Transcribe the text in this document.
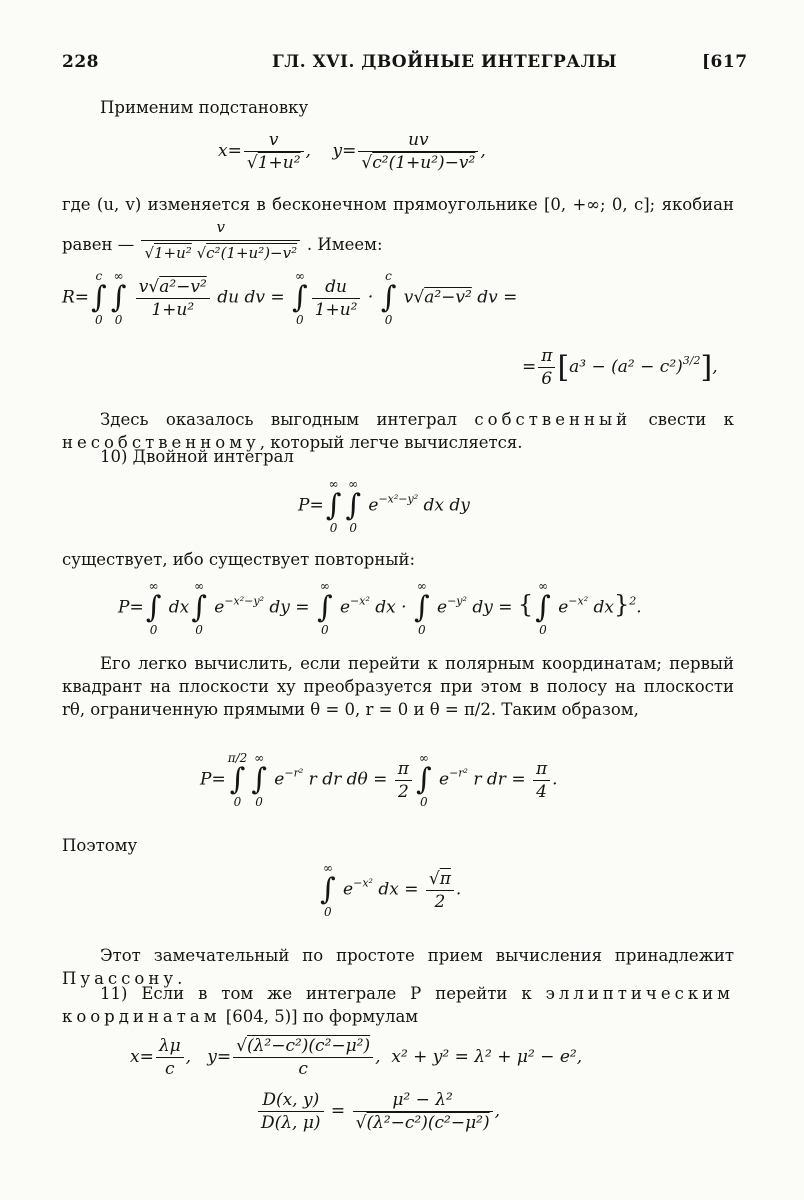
228	ГЛ. XVI. ДВОЙНЫЕ ИНТЕГРАЛЫ	[617
Применим подстановку
$x= \frac{v}{\text{√1+u²}}$ ,    $y= \frac{uv}{\text{√c²(1+u²)−v²}}$ ,
где (u, v) изменяется в бесконечном прямоугольнике [0, +∞; 0, c]; якобиан равен — $\frac{v}{\text{√1+u² √c²(1+u²)−v²}}$ . Имеем:
R=
c
∫
0
∞
∫
0

$\frac{\text{v√a²−v²}}{\text{1+u²}}$ du dv =
∞
∫
0
$\frac{du}{\text{1+u²}}$ ·
c
∫
0
v√a²−v² dv =
= $\frac{\pi}{6} [a^3 - (a^2 - c^2)^{3/2}]$,
Здесь оказалось выгодным интеграл собственный свести к несобственному, который легче вычисляется.
10) Двойной интеграл
P=
∞
∫
0
∞
∫
0
$e^{-x^2-y^2}$ dx dy
существует, ибо существует повторный:
P=
∞
∫
0
dx
∞
∫
0
$e^{-x^2-y^2}$ dy =
∞
∫
0
$e^{-x^2}$ dx ·
∞
∫
0
$e^{-y^2}$ dy = {
∞
∫
0
$e^{-x^2}$ dx}$^2$.
Его легко вычислить, если перейти к полярным координатам; первый квадрант на плоскости xy преобразуется при этом в полосу на плоскости rθ, ограниченную прямыми θ = 0, r = 0 и θ = π/2. Таким образом,
P=
π/2
∫
0
∞
∫
0
$e^{-r^2}$ r dr $d\theta = \frac{\pi}{2}$
∞
∫
0
$e^{-r^2}$ r dr = $\frac{\pi}{4}$ .
Поэтому
∞
∫
0
$e^{-x^2}$ dx = $\frac{√\pi}{2}$ .
Этот замечательный по простоте прием вычисления принадлежит Пуассону.
11) Если в том же интеграле P перейти к эллиптическим координатам [604, 5)] по формулам
$x= \frac{\lambda\mu}{c}$ ,   $y= \frac{\text{√(λ²−c²)(c²−μ²)}}{c}$ ,  x² + y² = λ² + μ² − e²,
$\frac{D(x, y)}{D(\lambda, \mu)} = \frac{\text{μ² − λ²}}{\text{√(λ²−c²)(c²−μ²)}}$ ,
